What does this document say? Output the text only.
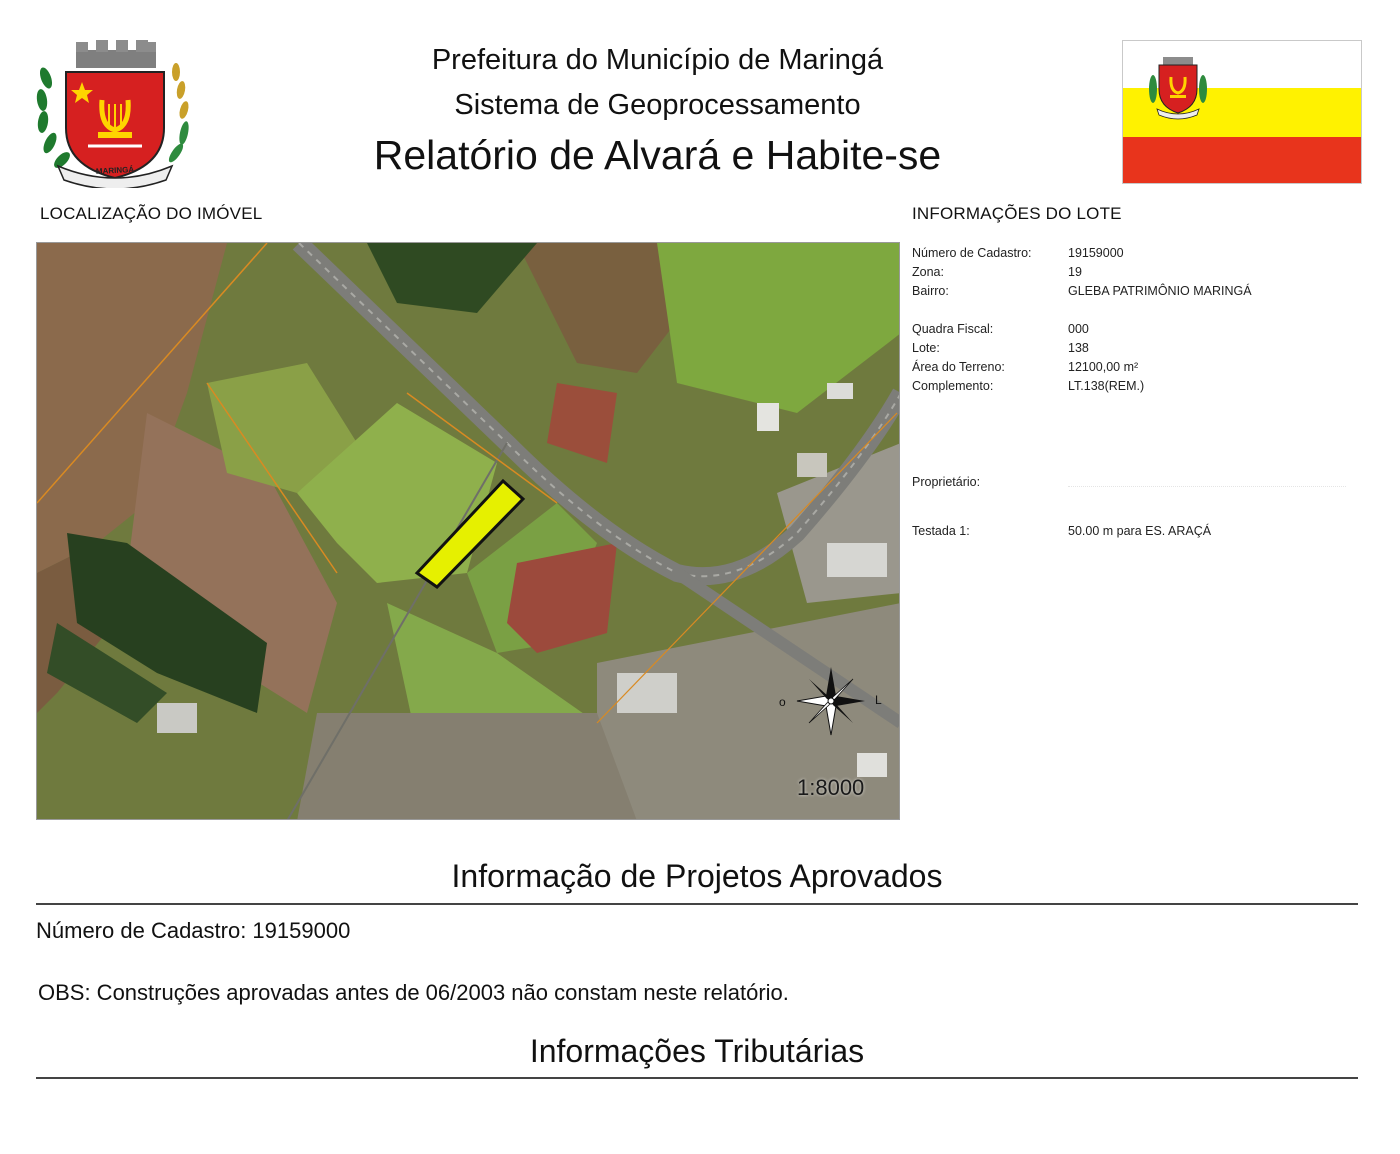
MARINGÁ
Prefeitura do Município de Maringá
Sistema de Geoprocessamento
Relatório de Alvará e Habite-se
LOCALIZAÇÃO DO IMÓVEL	INFORMAÇÕES DO LOTE
o	L
1:8000
Número de Cadastro:	19159000
Zona:	19
Bairro:	GLEBA PATRIMÔNIO MARINGÁ
Quadra Fiscal:	000
Lote:	138
Área do Terreno:	12100,00 m²
Complemento:	LT.138(REM.)
Proprietário:
Testada 1:	50.00 m para ES. ARAÇÁ
Informação de Projetos Aprovados
Número de Cadastro: 19159000
OBS: Construções aprovadas antes de 06/2003 não constam neste relatório.
Informações Tributárias
